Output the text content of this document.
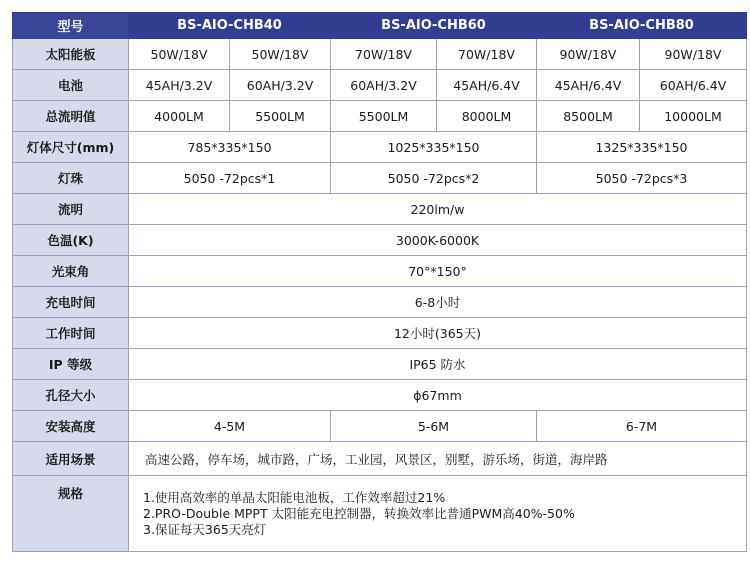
型号	BS-AIO-CHB40		BS-AIO-CHB60		BS-AIO-CHB80	
太阳能板	50W/18V	50W/18V	70W/18V	70W/18V	90W/18V	90W/18V
电池	45AH/3.2V	60AH/3.2V	60AH/3.2V	45AH/6.4V	45AH/6.4V	60AH/6.4V
总流明值	4000LM	5500LM	5500LM	8000LM	8500LM	10000LM
灯体尺寸(mm)	785*335*150		1025*335*150		1325*335*150	
灯珠	5050 -72pcs*1		5050 -72pcs*2		5050 -72pcs*3	
流明	220lm/w					
色温(K)	3000K-6000K					
光束角	70°*150°					
充电时间	6-8小时					
工作时间	12小时(365天)					
IP 等级	IP65 防水					
孔径大小	ϕ67mm					
安装高度	4-5M		5-6M		6-7M	
适用场景	高速公路，停车场，城市路，广场，工业园，风景区，别墅，游乐场，街道，海岸路					
规格	1.使用高效率的单晶太阳能电池板，工作效率超过21%
2.PRO-Double MPPT 太阳能充电控制器，转换效率比普通PWM高40%-50%
3.保证每天365天亮灯					
